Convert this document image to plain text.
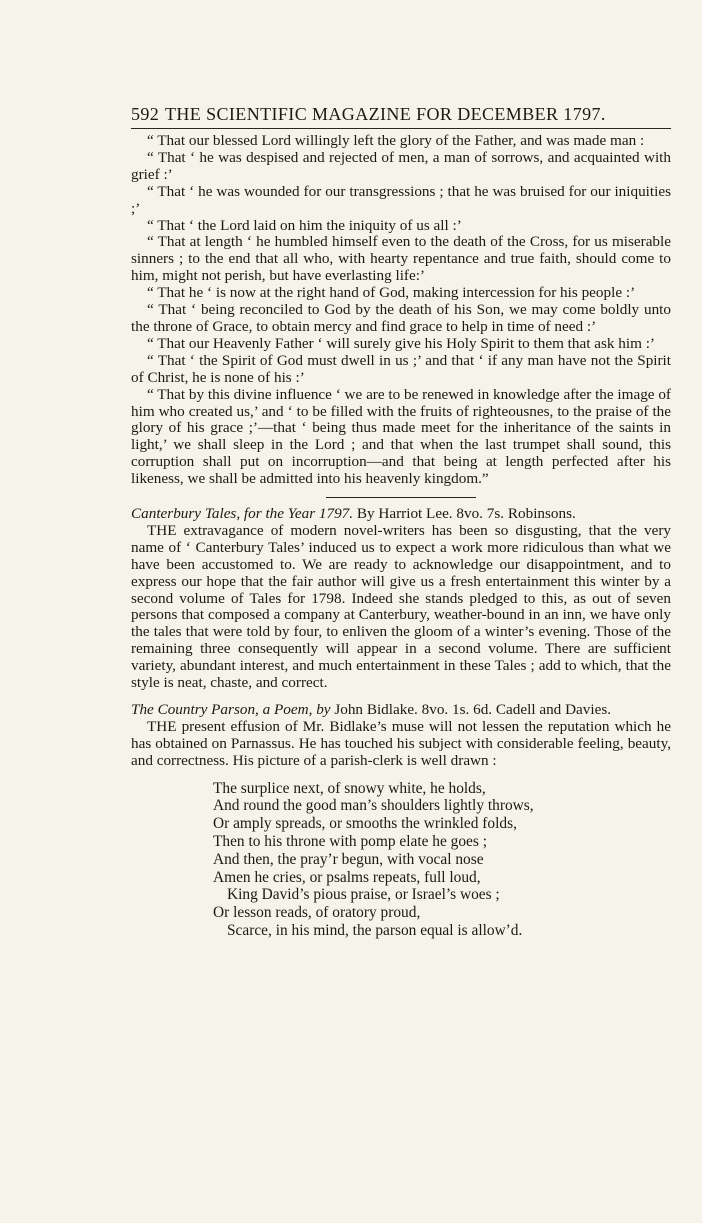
592 THE SCIENTIFIC MAGAZINE FOR DECEMBER 1797.

“ That our blessed Lord willingly left the glory of the Father, and was made man :

“ That ‘ he was despised and rejected of men, a man of sorrows, and acquainted with grief :’

“ That ‘ he was wounded for our transgressions ; that he was bruised for our iniquities ;’

“ That ‘ the Lord laid on him the iniquity of us all :’

“ That at length ‘ he humbled himself even to the death of the Cross, for us miserable sinners ; to the end that all who, with hearty repentance and true faith, should come to him, might not perish, but have everlasting life:’

“ That he ‘ is now at the right hand of God, making intercession for his people :’

“ That ‘ being reconciled to God by the death of his Son, we may come boldly unto the throne of Grace, to obtain mercy and find grace to help in time of need :’

“ That our Heavenly Father ‘ will surely give his Holy Spirit to them that ask him :’

“ That ‘ the Spirit of God must dwell in us ;’ and that ‘ if any man have not the Spirit of Christ, he is none of his :’

“ That by this divine influence ‘ we are to be renewed in knowledge after the image of him who created us,’ and ‘ to be filled with the fruits of righteousnes, to the praise of the glory of his grace ;’—that ‘ being thus made meet for the inheritance of the saints in light,’ we shall sleep in the Lord ; and that when the last trumpet shall sound, this corruption shall put on incorruption—and that being at length perfected after his likeness, we shall be admitted into his heavenly kingdom.”

Canterbury Tales, for the Year 1797. By Harriot Lee. 8vo. 7s. Robinsons.

THE extravagance of modern novel-writers has been so disgusting, that the very name of ‘ Canterbury Tales’ induced us to expect a work more ridiculous than what we have been accustomed to. We are ready to acknowledge our disappointment, and to express our hope that the fair author will give us a fresh entertainment this winter by a second volume of Tales for 1798. Indeed she stands pledged to this, as out of seven persons that composed a company at Canterbury, weather-bound in an inn, we have only the tales that were told by four, to enliven the gloom of a winter’s evening. Those of the remaining three consequently will appear in a second volume. There are sufficient variety, abundant interest, and much entertainment in these Tales ; add to which, that the style is neat, chaste, and correct.

The Country Parson, a Poem, by John Bidlake. 8vo. 1s. 6d. Cadell and Davies.

THE present effusion of Mr. Bidlake’s muse will not lessen the reputation which he has obtained on Parnassus. He has touched his subject with considerable feeling, beauty, and correctness. His picture of a parish-clerk is well drawn :

The surplice next, of snowy white, he holds,
And round the good man’s shoulders lightly throws,
Or amply spreads, or smooths the wrinkled folds,
Then to his throne with pomp elate he goes ;
And then, the pray’r begun, with vocal nose
Amen he cries, or psalms repeats, full loud,
King David’s pious praise, or Israel’s woes ;
Or lesson reads, of oratory proud,
Scarce, in his mind, the parson equal is allow’d.
